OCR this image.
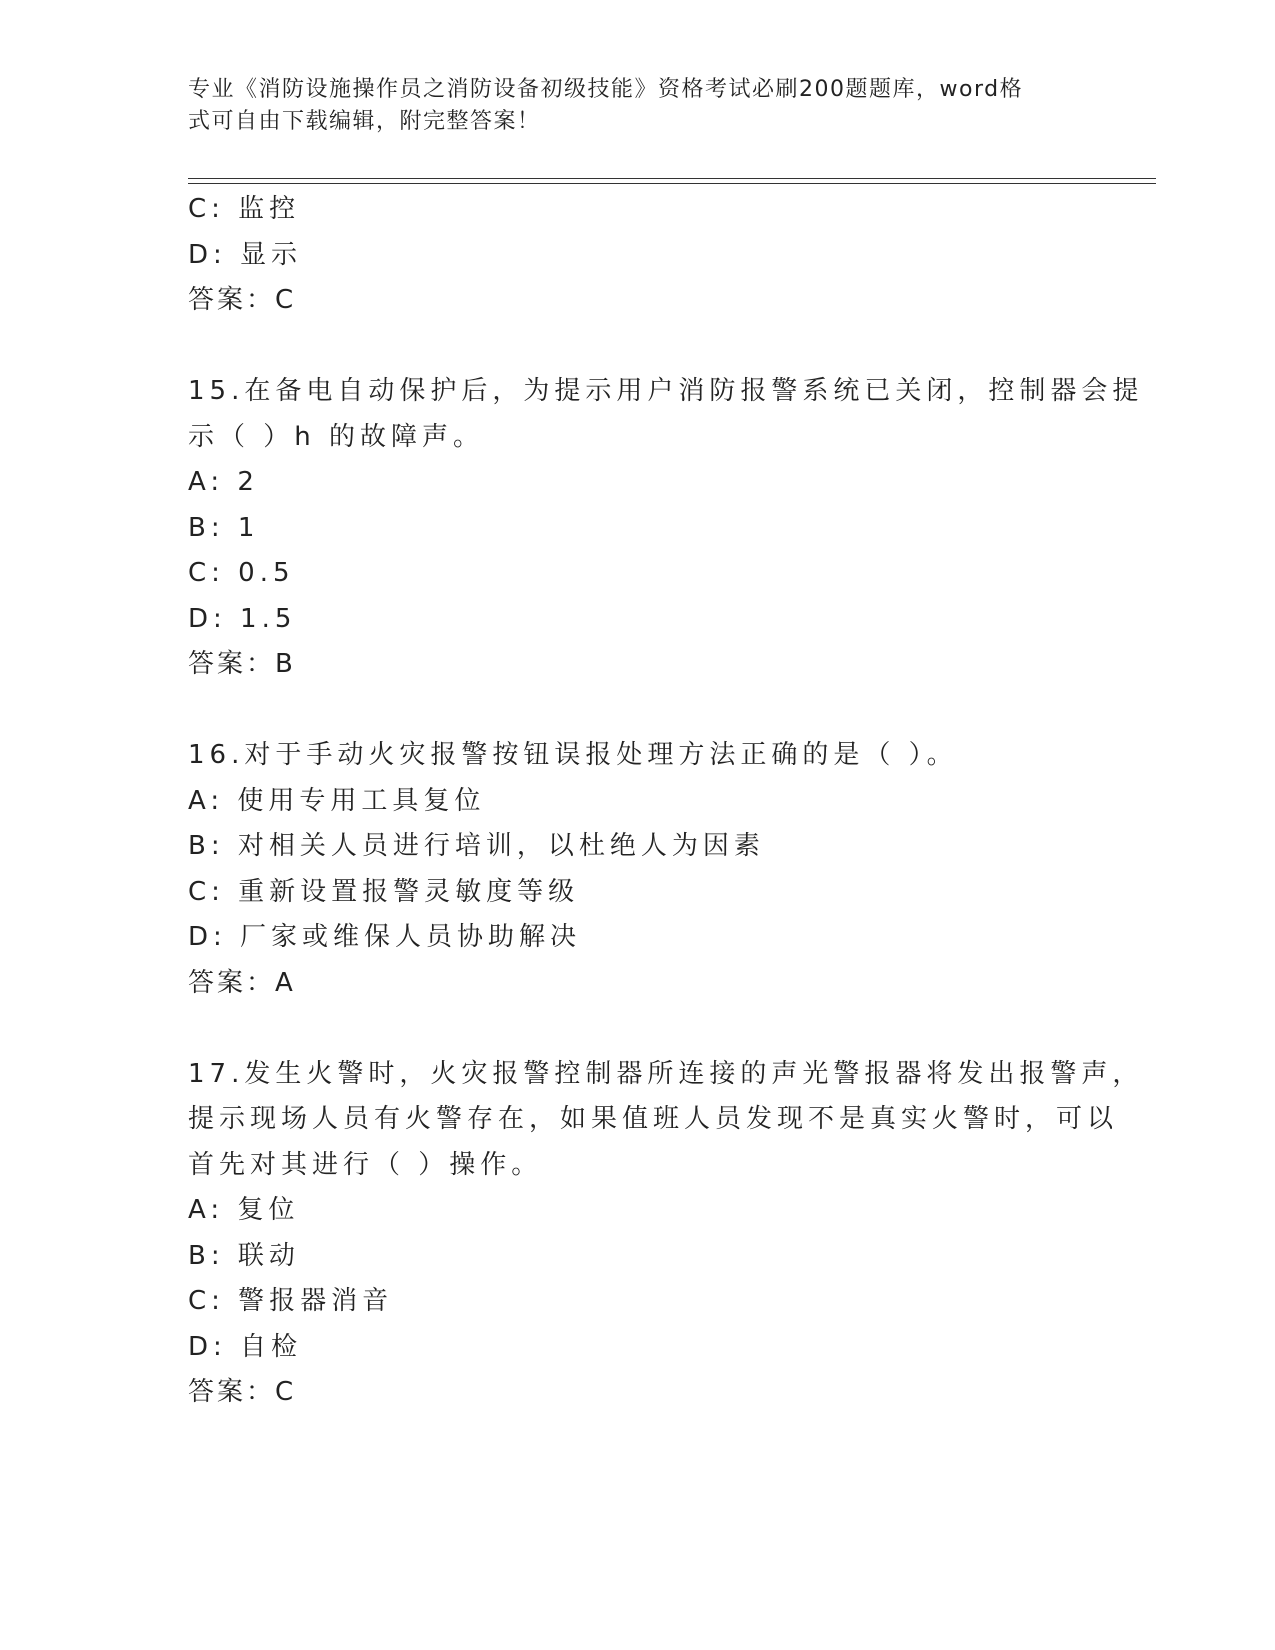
专业《消防设施操作员之消防设备初级技能》资格考试必刷200题题库，word格
式可自由下载编辑，附完整答案！
C: 监控
D: 显示
答案：C
15.在备电自动保护后，为提示用户消防报警系统已关闭，控制器会提
示（ ）h 的故障声。
A: 2
B: 1
C: 0.5
D: 1.5
答案：B
16.对于手动火灾报警按钮误报处理方法正确的是（ ）。
A: 使用专用工具复位
B: 对相关人员进行培训，以杜绝人为因素
C: 重新设置报警灵敏度等级
D: 厂家或维保人员协助解决
答案：A
17.发生火警时，火灾报警控制器所连接的声光警报器将发出报警声，
提示现场人员有火警存在，如果值班人员发现不是真实火警时，可以
首先对其进行（ ）操作。
A: 复位
B: 联动
C: 警报器消音
D: 自检
答案：C
